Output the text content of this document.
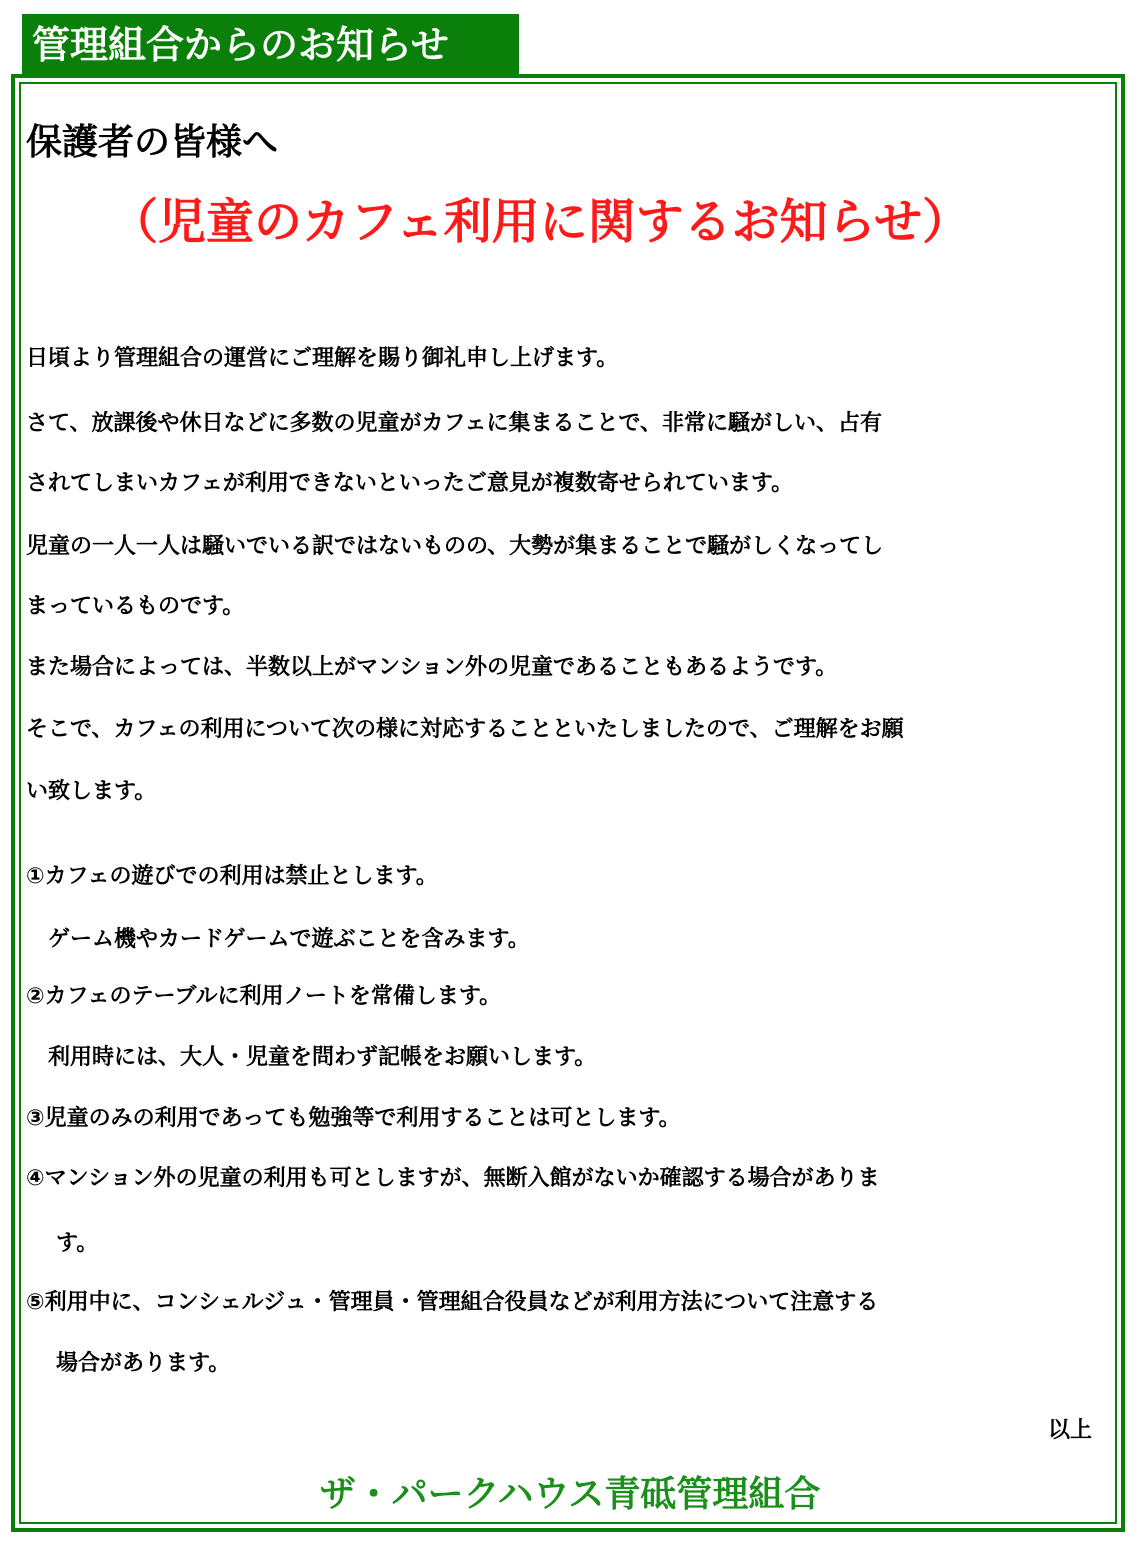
管理組合からのお知らせ
保護者の皆様へ
（児童のカフェ利用に関するお知らせ）
日頃より管理組合の運営にご理解を賜り御礼申し上げます。
さて、放課後や休日などに多数の児童がカフェに集まることで、非常に騒がしい、占有
されてしまいカフェが利用できないといったご意見が複数寄せられています。
児童の一人一人は騒いでいる訳ではないものの、大勢が集まることで騒がしくなってし
まっているものです。
また場合によっては、半数以上がマンション外の児童であることもあるようです。
そこで、カフェの利用について次の様に対応することといたしましたので、ご理解をお願
い致します。
①カフェの遊びでの利用は禁止とします。
ゲーム機やカードゲームで遊ぶことを含みます。
②カフェのテーブルに利用ノートを常備します。
利用時には、大人・児童を問わず記帳をお願いします。
③児童のみの利用であっても勉強等で利用することは可とします。
④マンション外の児童の利用も可としますが、無断入館がないか確認する場合がありま
す。
⑤利用中に、コンシェルジュ・管理員・管理組合役員などが利用方法について注意する
場合があります。
以上
ザ・パークハウス青砥管理組合
